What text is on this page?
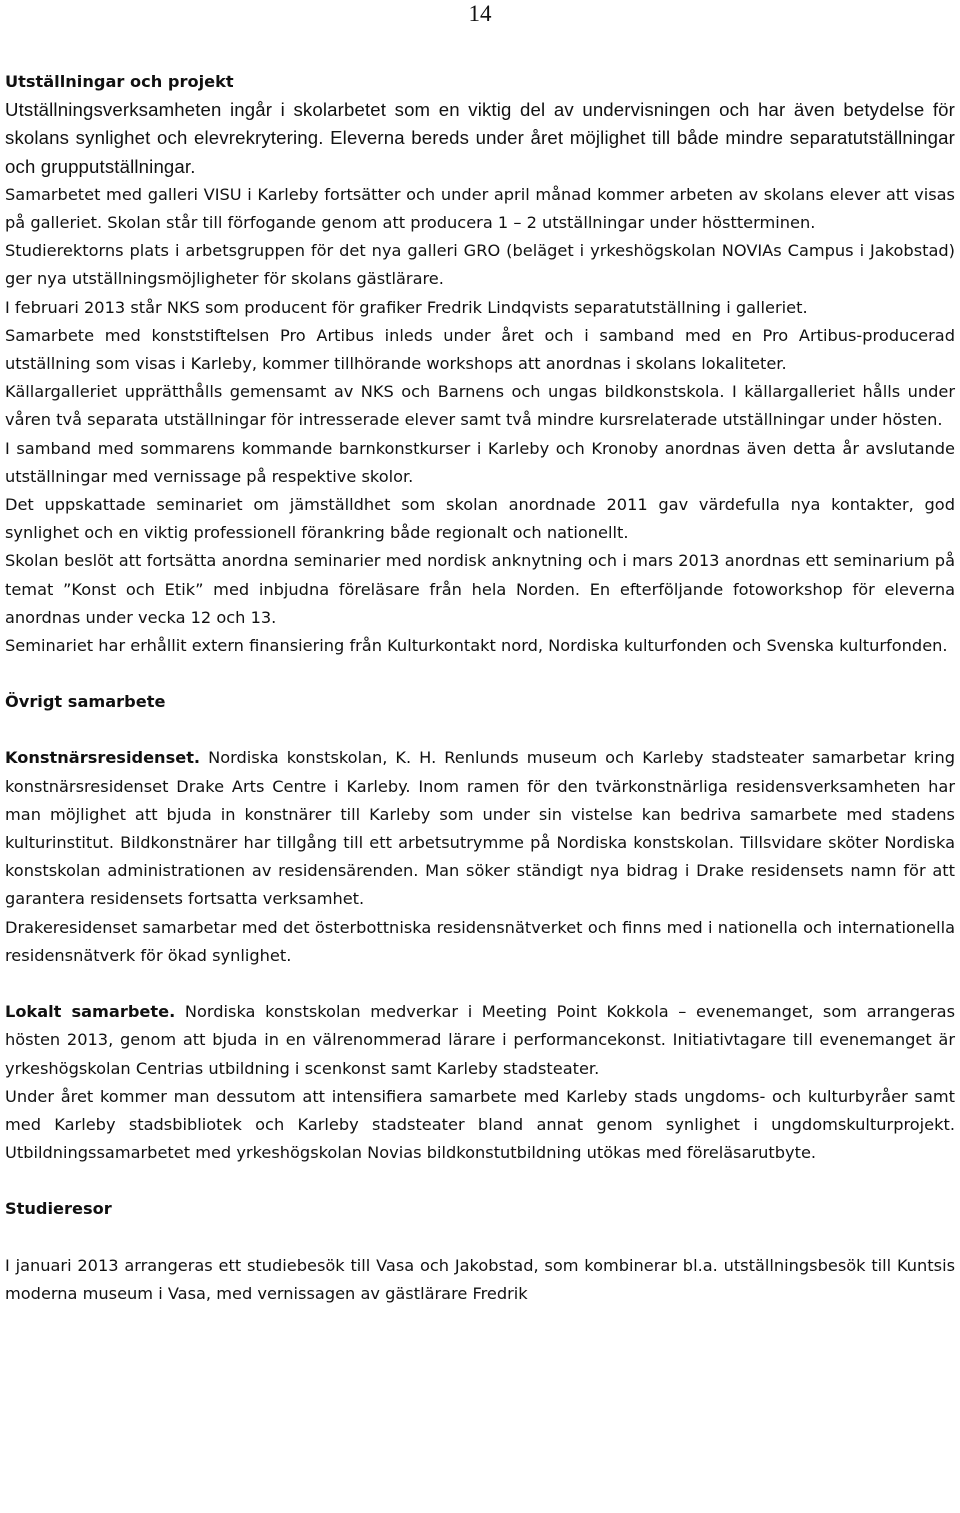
14

Utställningar och projekt

Utställningsverksamheten ingår i skolarbetet som en viktig del av undervisningen och har även betydelse för skolans synlighet och elevrekrytering. Eleverna bereds under året möjlighet till både mindre separatutställningar och grupputställningar.

Samarbetet med galleri VISU i Karleby fortsätter och under april månad kommer arbeten av skolans elever att visas på galleriet. Skolan står till förfogande genom att producera 1 – 2 utställningar under höstterminen.

Studierektorns plats i arbetsgruppen för det nya galleri GRO (beläget i yrkeshögskolan NOVIAs Campus i Jakobstad) ger nya utställningsmöjligheter för skolans gästlärare.

I februari 2013 står NKS som producent för grafiker Fredrik Lindqvists separatutställning i galleriet.

Samarbete med konststiftelsen Pro Artibus inleds under året och i samband med en Pro Artibus-producerad utställning som visas i Karleby, kommer tillhörande workshops att anordnas i skolans lokaliteter.

Källargalleriet upprätthålls gemensamt av NKS och Barnens och ungas bildkonstskola. I källargalleriet hålls under våren två separata utställningar för intresserade elever samt två mindre kursrelaterade utställningar under hösten.

I samband med sommarens kommande barnkonstkurser i Karleby och Kronoby anordnas även detta år avslutande utställningar med vernissage på respektive skolor.

Det uppskattade seminariet om jämställdhet som skolan anordnade 2011 gav värdefulla nya kontakter, god synlighet och en viktig professionell förankring både regionalt och nationellt.

Skolan beslöt att fortsätta anordna seminarier med nordisk anknytning och i mars 2013 anordnas ett seminarium på temat ”Konst och Etik” med inbjudna föreläsare från hela Norden. En efterföljande fotoworkshop för eleverna anordnas under vecka 12 och 13.

Seminariet har erhållit extern finansiering från Kulturkontakt nord, Nordiska kulturfonden och Svenska kulturfonden.

Övrigt samarbete

Konstnärsresidenset. Nordiska konstskolan, K. H. Renlunds museum och Karleby stadsteater samarbetar kring konstnärsresidenset Drake Arts Centre i Karleby. Inom ramen för den tvärkonstnärliga residensverksamheten har man möjlighet att bjuda in konstnärer till Karleby som under sin vistelse kan bedriva samarbete med stadens kulturinstitut. Bildkonstnärer har tillgång till ett arbetsutrymme på Nordiska konstskolan. Tillsvidare sköter Nordiska konstskolan administrationen av residensärenden. Man söker ständigt nya bidrag i Drake residensets namn för att garantera residensets fortsatta verksamhet.

Drakeresidenset samarbetar med det österbottniska residensnätverket och finns med i nationella och internationella residensnätverk för ökad synlighet.

Lokalt samarbete. Nordiska konstskolan medverkar i Meeting Point Kokkola – evenemanget, som arrangeras hösten 2013, genom att bjuda in en välrenommerad lärare i performancekonst. Initiativtagare till evenemanget är yrkeshögskolan Centrias utbildning i scenkonst samt Karleby stadsteater.

Under året kommer man dessutom att intensifiera samarbete med Karleby stads ungdoms- och kulturbyråer samt med Karleby stadsbibliotek och Karleby stadsteater bland annat genom synlighet i ungdomskulturprojekt. Utbildningssamarbetet med yrkeshögskolan Novias bildkonstutbildning utökas med föreläsarutbyte.

Studieresor

I januari 2013 arrangeras ett studiebesök till Vasa och Jakobstad, som kombinerar bl.a. utställningsbesök till Kuntsis moderna museum i Vasa, med vernissagen av gästlärare Fredrik
